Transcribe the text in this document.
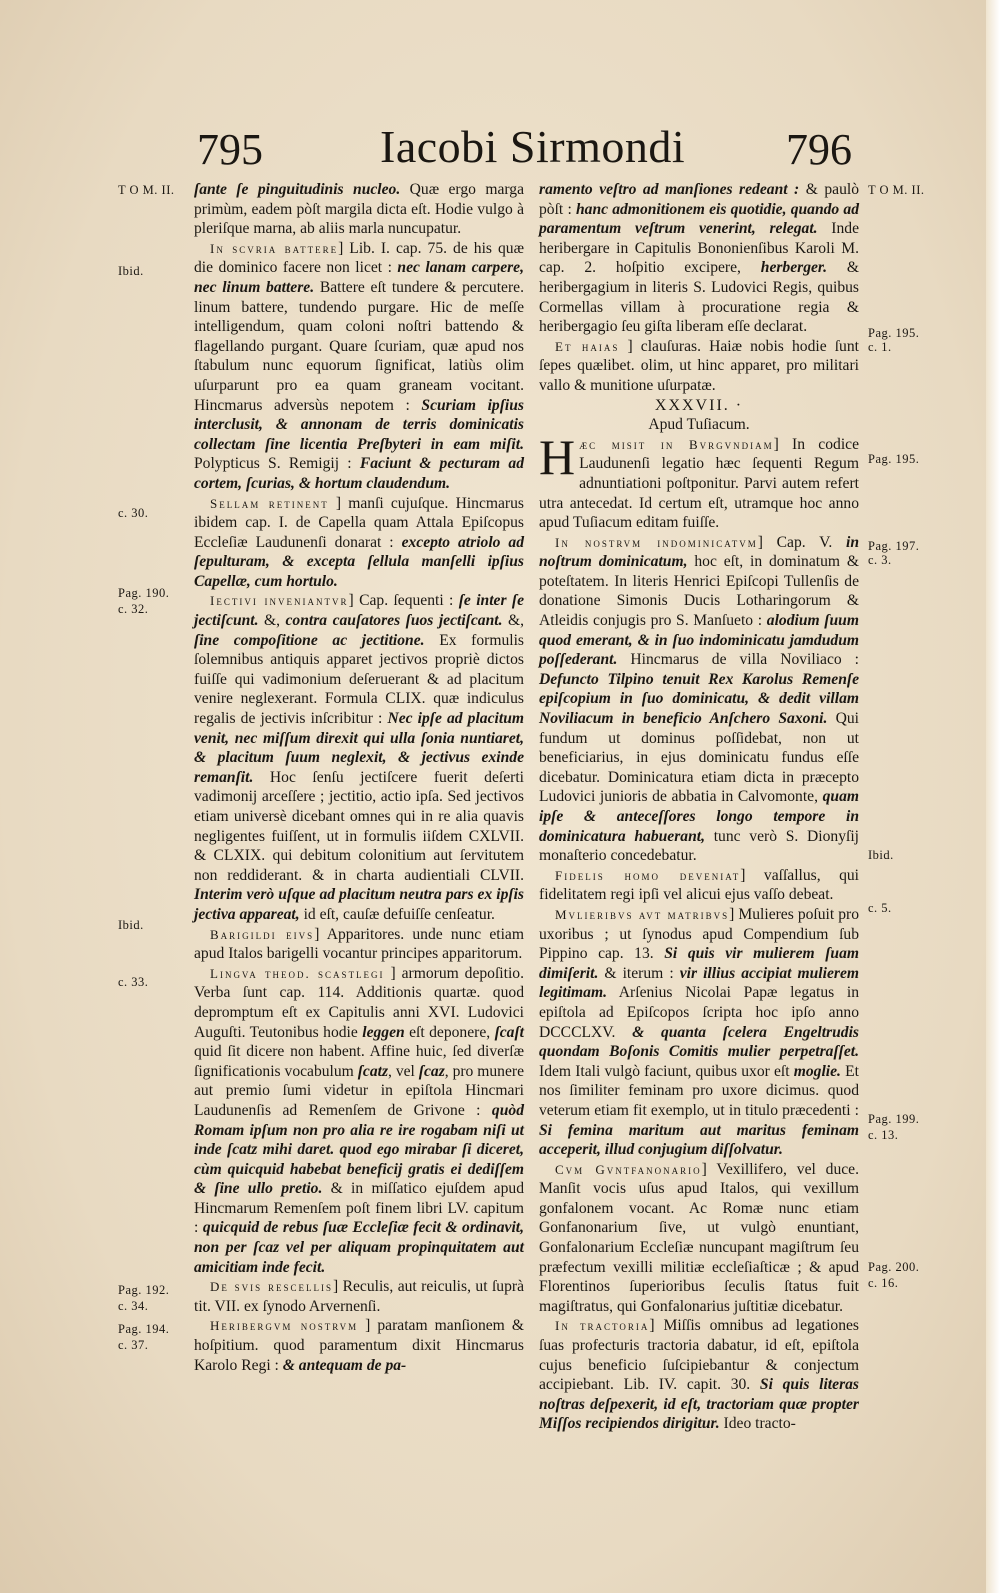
795	Iacobi Sirmondi 796
T O M. II.
Ibid.
c. 30.
Pag. 190.
c. 32.
Ibid.
c. 33.
Pag. 192.
c. 34.
Pag. 194.
c. 37.
T O M. II.
Pag. 195.
c. 1.
Pag. 195.
Pag. 197.
c. 3.
Ibid.
c. 5.
Pag. 199.
c. 13.
Pag. 200.
c. 16.

ſante ſe pinguitudinis nucleo. Quæ ergo marga primùm, eadem pòſt margila dicta eſt. Hodie vulgo à pleriſque marna, ab aliis marla nuncupatur.

In scvria battere] Lib. I. cap. 75. de his quæ die dominico facere non licet : nec lanam carpere, nec linum battere. Battere eſt tundere & percutere. linum battere, tundendo purgare. Hic de meſſe intelligendum, quam coloni noſtri battendo & flagellando purgant. Quare ſcuriam, quæ apud nos ſtabulum nunc equorum ſignificat, latiùs olim uſurparunt pro ea quam graneam vocitant. Hincmarus adversùs nepotem : Scuriam ipſius interclusit, & annonam de terris dominicatis collectam ſine licentia Preſbyteri in eam miſit. Polypticus S. Remigij : Faciunt & pecturam ad cortem, ſcurias, & hortum claudendum.

Sellam retinent ] manſi cujuſque. Hincmarus ibidem cap. I. de Capella quam Attala Epiſcopus Eccleſiæ Laudunenſi donarat : excepto atriolo ad ſepulturam, & excepta ſellula manſelli ipſius Capellæ, cum hortulo.

Iectivi inveniantvr] Cap. ſequenti : ſe inter ſe jectiſcunt. &, contra cauſatores ſuos jectiſcant. &, ſine compoſitione ac jectitione. Ex formulis ſolemnibus antiquis apparet jectivos propriè dictos fuiſſe qui vadimonium deſeruerant & ad placitum venire neglexerant. Formula CLIX. quæ indiculus regalis de jectivis inſcribitur : Nec ipſe ad placitum venit, nec miſſum direxit qui ulla ſonia nuntiaret, & placitum ſuum neglexit, & jectivus exinde remanſit. Hoc ſenſu jectiſcere fuerit deſerti vadimonij arceſſere ; jectitio, actio ipſa. Sed jectivos etiam universè dicebant omnes qui in re alia quavis negligentes fuiſſent, ut in formulis iiſdem CXLVII. & CLXIX. qui debitum colonitium aut ſervitutem non reddiderant. & in charta audientiali CLVII. Interim verò uſque ad placitum neutra pars ex ipſis jectiva appareat, id eſt, cauſæ defuiſſe cenſeatur.

Barigildi eivs] Apparitores. unde nunc etiam apud Italos barigelli vocantur principes apparitorum.

Lingva theod. scastlegi ] armorum depoſitio. Verba ſunt cap. 114. Additionis quartæ. quod depromptum eſt ex Capitulis anni XVI. Ludovici Auguſti. Teutonibus hodie leggen eſt deponere, ſcaſt quid ſit dicere non habent. Affine huic, ſed diverſæ ſignificationis vocabulum ſcatz, vel ſcaz, pro munere aut premio ſumi videtur in epiſtola Hincmari Laudunenſis ad Remenſem de Grivone : quòd Romam ipſum non pro alia re ire rogabam niſi ut inde ſcatz mihi daret. quod ego mirabar ſi diceret, cùm quicquid habebat beneficij gratis ei dediſſem & ſine ullo pretio. & in miſſatico ejuſdem apud Hincmarum Remenſem poſt finem libri LV. capitum : quicquid de rebus ſuæ Eccleſiæ fecit & ordinavit, non per ſcaz vel per aliquam propinquitatem aut amicitiam inde fecit.

De svis rescellis] Reculis, aut reiculis, ut ſuprà tit. VII. ex ſynodo Arvernenſi.

Heribergvm nostrvm ] paratam manſionem & hoſpitium. quod paramentum dixit Hincmarus Karolo Regi : & antequam de pa-

ramento veſtro ad manſiones redeant : & paulò pòſt : hanc admonitionem eis quotidie, quando ad paramentum veſtrum venerint, relegat. Inde heribergare in Capitulis Bononienſibus Karoli M. cap. 2. hoſpitio excipere, herberger. & heribergagium in literis S. Ludovici Regis, quibus Cormellas villam à procuratione regia & heribergagio ſeu giſta liberam eſſe declarat.

Et haias ] clauſuras. Haiæ nobis hodie ſunt ſepes quælibet. olim, ut hinc apparet, pro militari vallo & munitione uſurpatæ.

XXXVII. ·

Apud Tuſiacum.

Hæc misit in Bvrgvndiam] In codice Laudunenſi legatio hæc ſequenti Regum adnuntiationi poſtponitur. Parvi autem refert utra antecedat. Id certum eſt, utramque hoc anno apud Tuſiacum editam fuiſſe.

In nostrvm indominicatvm] Cap. V. in noſtrum dominicatum, hoc eſt, in dominatum & poteſtatem. In literis Henrici Epiſcopi Tullenſis de donatione Simonis Ducis Lotharingorum & Atleidis conjugis pro S. Manſueto : alodium ſuum quod emerant, & in ſuo indominicatu jamdudum poſſederant. Hincmarus de villa Noviliaco : Defuncto Tilpino tenuit Rex Karolus Remenſe epiſcopium in ſuo dominicatu, & dedit villam Noviliacum in beneficio Anſchero Saxoni. Qui fundum ut dominus poſſidebat, non ut beneficiarius, in ejus dominicatu fundus eſſe dicebatur. Dominicatura etiam dicta in præcepto Ludovici junioris de abbatia in Calvomonte, quam ipſe & anteceſſores longo tempore in dominicatura habuerant, tunc verò S. Dionyſij monaſterio concedebatur.

Fidelis homo deveniat] vaſſallus, qui fidelitatem regi ipſi vel alicui ejus vaſſo debeat.

Mvlieribvs avt matribvs] Mulieres poſuit pro uxoribus ; ut ſynodus apud Compendium ſub Pippino cap. 13. Si quis vir mulierem ſuam dimiſerit. & iterum : vir illius accipiat mulierem legitimam. Arſenius Nicolai Papæ legatus in epiſtola ad Epiſcopos ſcripta hoc ipſo anno DCCCLXV. & quanta ſcelera Engeltrudis quondam Boſonis Comitis mulier perpetraſſet. Idem Itali vulgò faciunt, quibus uxor eſt moglie. Et nos ſimiliter feminam pro uxore dicimus. quod veterum etiam fit exemplo, ut in titulo præcedenti : Si femina maritum aut maritus feminam acceperit, illud conjugium diſſolvatur.

Cvm Gvntfanonario] Vexillifero, vel duce. Manſit vocis uſus apud Italos, qui vexillum gonfalonem vocant. Ac Romæ nunc etiam Gonfanonarium ſive, ut vulgò enuntiant, Gonfalonarium Eccleſiæ nuncupant magiſtrum ſeu præfectum vexilli militiæ eccleſiaſticæ ; & apud Florentinos ſuperioribus ſeculis ſtatus fuit magiſtratus, qui Gonfalonarius juſtitiæ dicebatur.

In tractoria] Miſſis omnibus ad legationes ſuas profecturis tractoria dabatur, id eſt, epiſtola cujus beneficio ſuſcipiebantur & conjectum accipiebant. Lib. IV. capit. 30. Si quis literas noſtras deſpexerit, id eſt, tractoriam quæ propter Miſſos recipiendos dirigitur. Ideo tracto-
